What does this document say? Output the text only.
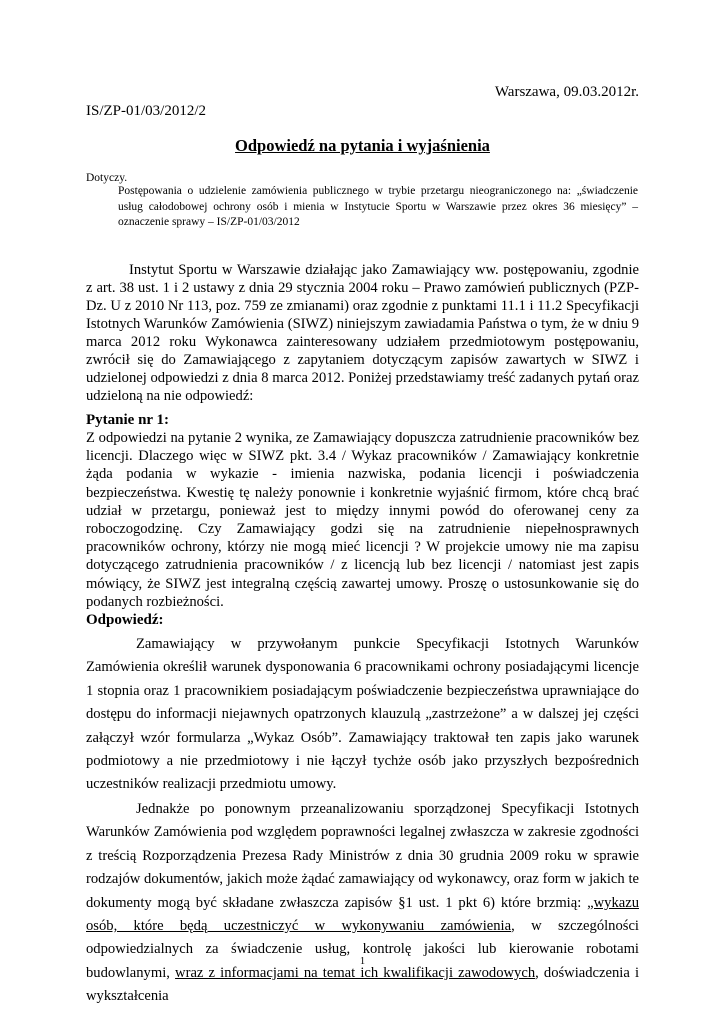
Warszawa, 09.03.2012r.

IS/ZP-01/03/2012/2

Odpowiedź na pytania i wyjaśnienia

Dotyczy.

Postępowania o udzielenie zamówienia publicznego w trybie przetargu nieograniczonego na: „świadczenie usług całodobowej ochrony osób i mienia w Instytucie Sportu w Warszawie przez okres 36 miesięcy” – oznaczenie sprawy – IS/ZP-01/03/2012

Instytut Sportu w Warszawie działając jako Zamawiający ww. postępowaniu, zgodnie z art. 38 ust. 1 i 2 ustawy z dnia 29 stycznia 2004 roku – Prawo zamówień publicznych (PZP-Dz. U z 2010 Nr 113, poz. 759 ze zmianami) oraz zgodnie z punktami 11.1 i 11.2 Specyfikacji Istotnych Warunków Zamówienia (SIWZ) niniejszym zawiadamia Państwa o tym, że w dniu 9 marca 2012 roku Wykonawca zainteresowany udziałem przedmiotowym postępowaniu, zwrócił się do Zamawiającego z zapytaniem dotyczącym zapisów zawartych w SIWZ i udzielonej odpowiedzi z dnia 8 marca 2012. Poniżej przedstawiamy treść zadanych pytań oraz udzieloną na nie odpowiedź:

Pytanie nr 1:

Z odpowiedzi na pytanie 2 wynika, ze Zamawiający dopuszcza zatrudnienie pracowników bez licencji. Dlaczego więc w SIWZ pkt. 3.4 / Wykaz pracowników / Zamawiający konkretnie żąda podania w wykazie - imienia nazwiska, podania licencji i poświadczenia bezpieczeństwa. Kwestię tę należy ponownie i konkretnie wyjaśnić firmom, które chcą brać udział w przetargu, ponieważ jest to między innymi powód do oferowanej ceny za roboczogodzinę. Czy Zamawiający godzi się na zatrudnienie niepełnosprawnych pracowników ochrony, którzy nie mogą mieć licencji ? W projekcie umowy nie ma zapisu dotyczącego zatrudnienia pracowników / z licencją lub bez licencji / natomiast jest zapis mówiący, że SIWZ jest integralną częścią zawartej umowy. Proszę o ustosunkowanie się do podanych rozbieżności.

Odpowiedź:

Zamawiający w przywołanym punkcie Specyfikacji Istotnych Warunków Zamówienia określił warunek dysponowania 6 pracownikami ochrony posiadającymi licencje 1 stopnia oraz 1 pracownikiem posiadającym poświadczenie bezpieczeństwa uprawniające do dostępu do informacji niejawnych opatrzonych klauzulą „zastrzeżone” a w dalszej jej części załączył wzór formularza „Wykaz Osób”. Zamawiający traktował ten zapis jako warunek podmiotowy a nie przedmiotowy i nie łączył tychże osób jako przyszłych bezpośrednich uczestników realizacji przedmiotu umowy.

Jednakże po ponownym przeanalizowaniu sporządzonej Specyfikacji Istotnych Warunków Zamówienia pod względem poprawności legalnej zwłaszcza w zakresie zgodności z treścią Rozporządzenia Prezesa Rady Ministrów z dnia 30 grudnia 2009 roku w sprawie rodzajów dokumentów, jakich może żądać zamawiający od wykonawcy, oraz form w jakich te dokumenty mogą być składane zwłaszcza zapisów §1 ust. 1 pkt 6) które brzmią: „wykazu osób, które będą uczestniczyć w wykonywaniu zamówienia, w szczególności odpowiedzialnych za świadczenie usług, kontrolę jakości lub kierowanie robotami budowlanymi, wraz z informacjami na temat ich kwalifikacji zawodowych, doświadczenia i wykształcenia

1
